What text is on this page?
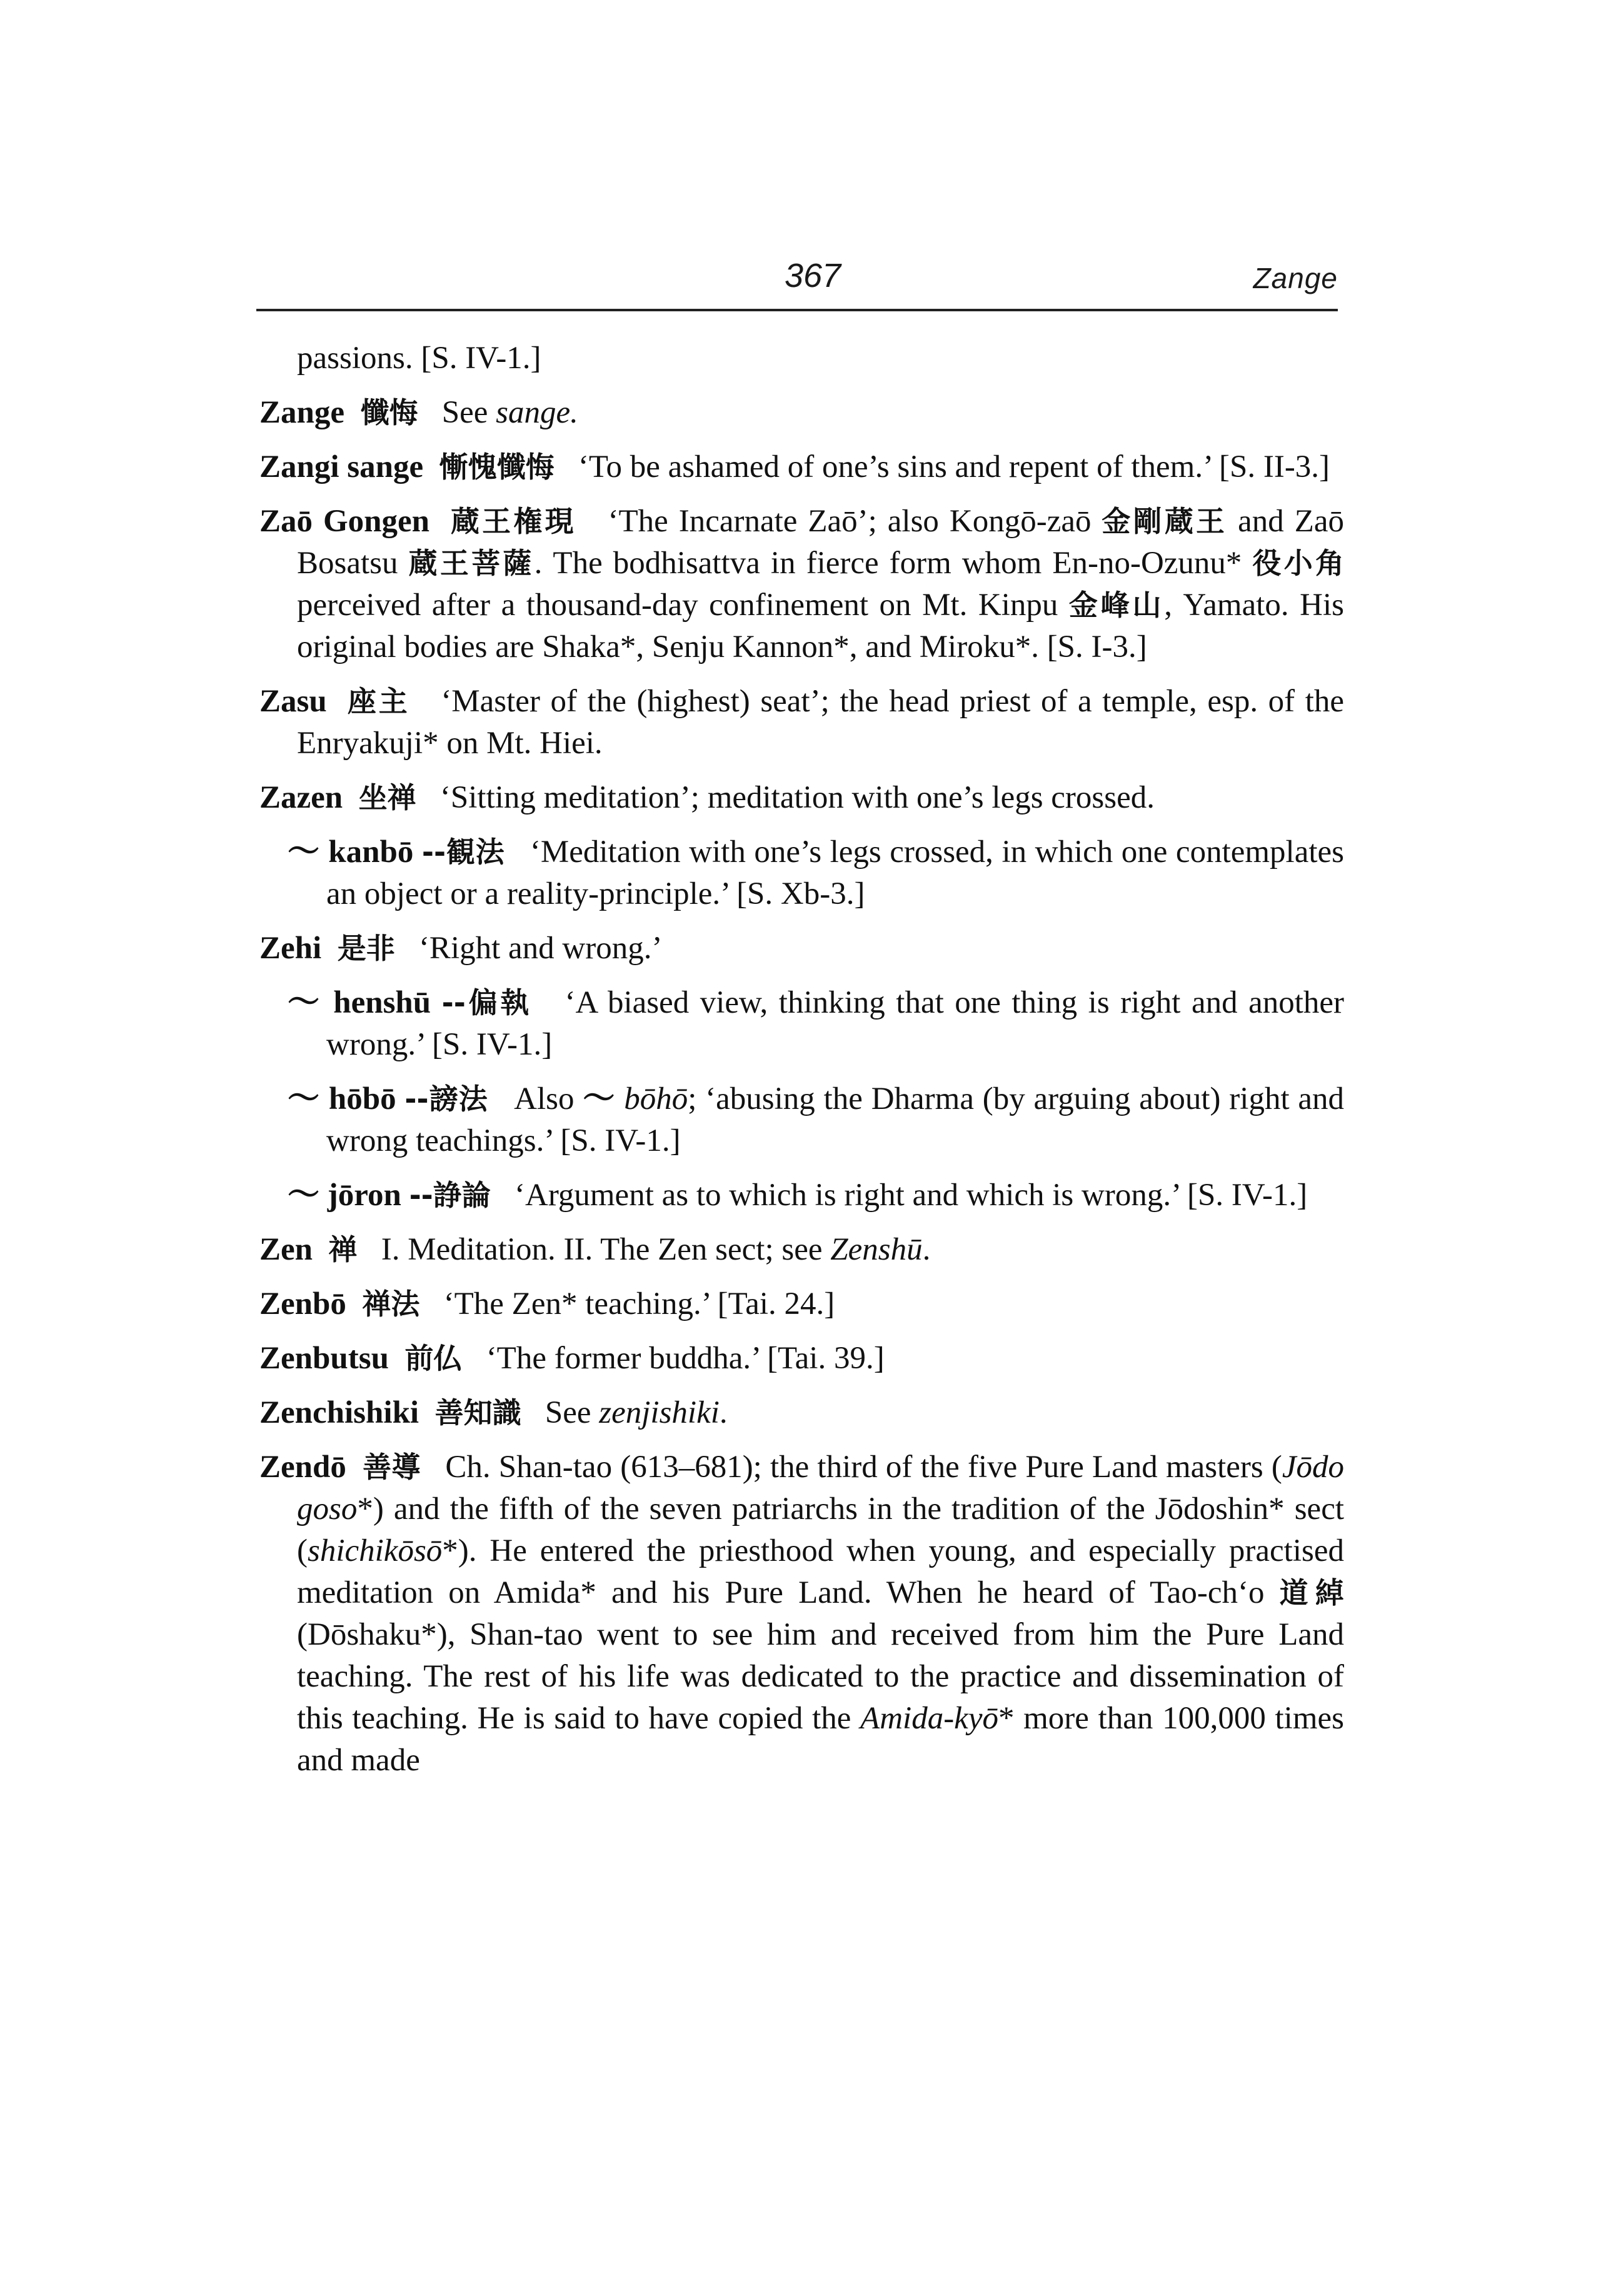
367	Zange

passions. [S. IV-1.]

Zange 懺悔 See sange.

Zangi sange 慚愧懺悔 ‘To be ashamed of one’s sins and repent of them.’ [S. II-3.]

Zaō Gongen 蔵王権現 ‘The Incarnate Zaō’; also Kongō-zaō 金剛蔵王 and Zaō Bosatsu 蔵王菩薩. The bodhisattva in fierce form whom En-no-Ozunu* 役小角 perceived after a thousand-day confinement on Mt. Kinpu 金峰山, Yamato. His original bodies are Shaka*, Senju Kannon*, and Miroku*. [S. I-3.]

Zasu 座主 ‘Master of the (highest) seat’; the head priest of a temple, esp. of the Enryakuji* on Mt. Hiei.

Zazen 坐禅 ‘Sitting meditation’; meditation with one’s legs crossed.

～ kanbō --観法 ‘Meditation with one’s legs crossed, in which one contemplates an object or a reality-principle.’ [S. Xb-3.]

Zehi 是非 ‘Right and wrong.’

～ henshū --偏執 ‘A biased view, thinking that one thing is right and another wrong.’ [S. IV-1.]

～ hōbō --謗法 Also ～ bōhō; ‘abusing the Dharma (by arguing about) right and wrong teachings.’ [S. IV-1.]

～ jōron --諍論 ‘Argument as to which is right and which is wrong.’ [S. IV-1.]

Zen 禅 I. Meditation. II. The Zen sect; see Zenshū.

Zenbō 禅法 ‘The Zen* teaching.’ [Tai. 24.]

Zenbutsu 前仏 ‘The former buddha.’ [Tai. 39.]

Zenchishiki 善知識 See zenjishiki.

Zendō 善導 Ch. Shan-tao (613–681); the third of the five Pure Land masters (Jōdo goso*) and the fifth of the seven patriarchs in the tradition of the Jōdoshin* sect (shichikōsō*). He entered the priesthood when young, and especially practised meditation on Amida* and his Pure Land. When he heard of Tao-ch‘o 道綽 (Dōshaku*), Shan-tao went to see him and received from him the Pure Land teaching. The rest of his life was dedicated to the practice and dissemination of this teaching. He is said to have copied the Amida-kyō* more than 100,000 times and made
